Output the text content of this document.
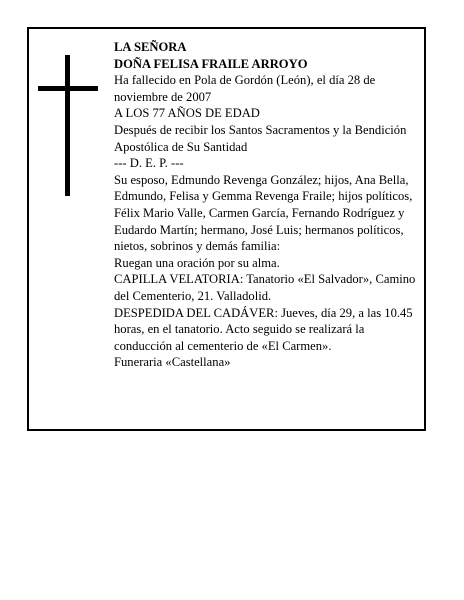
LA SEÑORA

DOÑA FELISA FRAILE ARROYO

Ha fallecido en Pola de Gordón (León), el día 28 de noviembre de 2007

A LOS 77 AÑOS DE EDAD

Después de recibir los Santos Sacramentos y la Bendición Apostólica de Su Santidad

--- D. E. P. ---

Su esposo, Edmundo Revenga González; hijos, Ana Bella, Edmundo, Felisa y Gemma Revenga Fraile; hijos políticos, Félix Mario Valle, Carmen García, Fernando Rodríguez y Eudardo Martín; hermano, José Luis; hermanos políticos, nietos, sobrinos y demás familia:

Ruegan una oración por su alma.

CAPILLA VELATORIA: Tanatorio «El Salvador», Camino del Cementerio, 21. Valladolid.

DESPEDIDA DEL CADÁVER: Jueves, día 29, a las 10.45 horas, en el tanatorio. Acto seguido se realizará la conducción al cementerio de «El Carmen».

Funeraria «Castellana»
